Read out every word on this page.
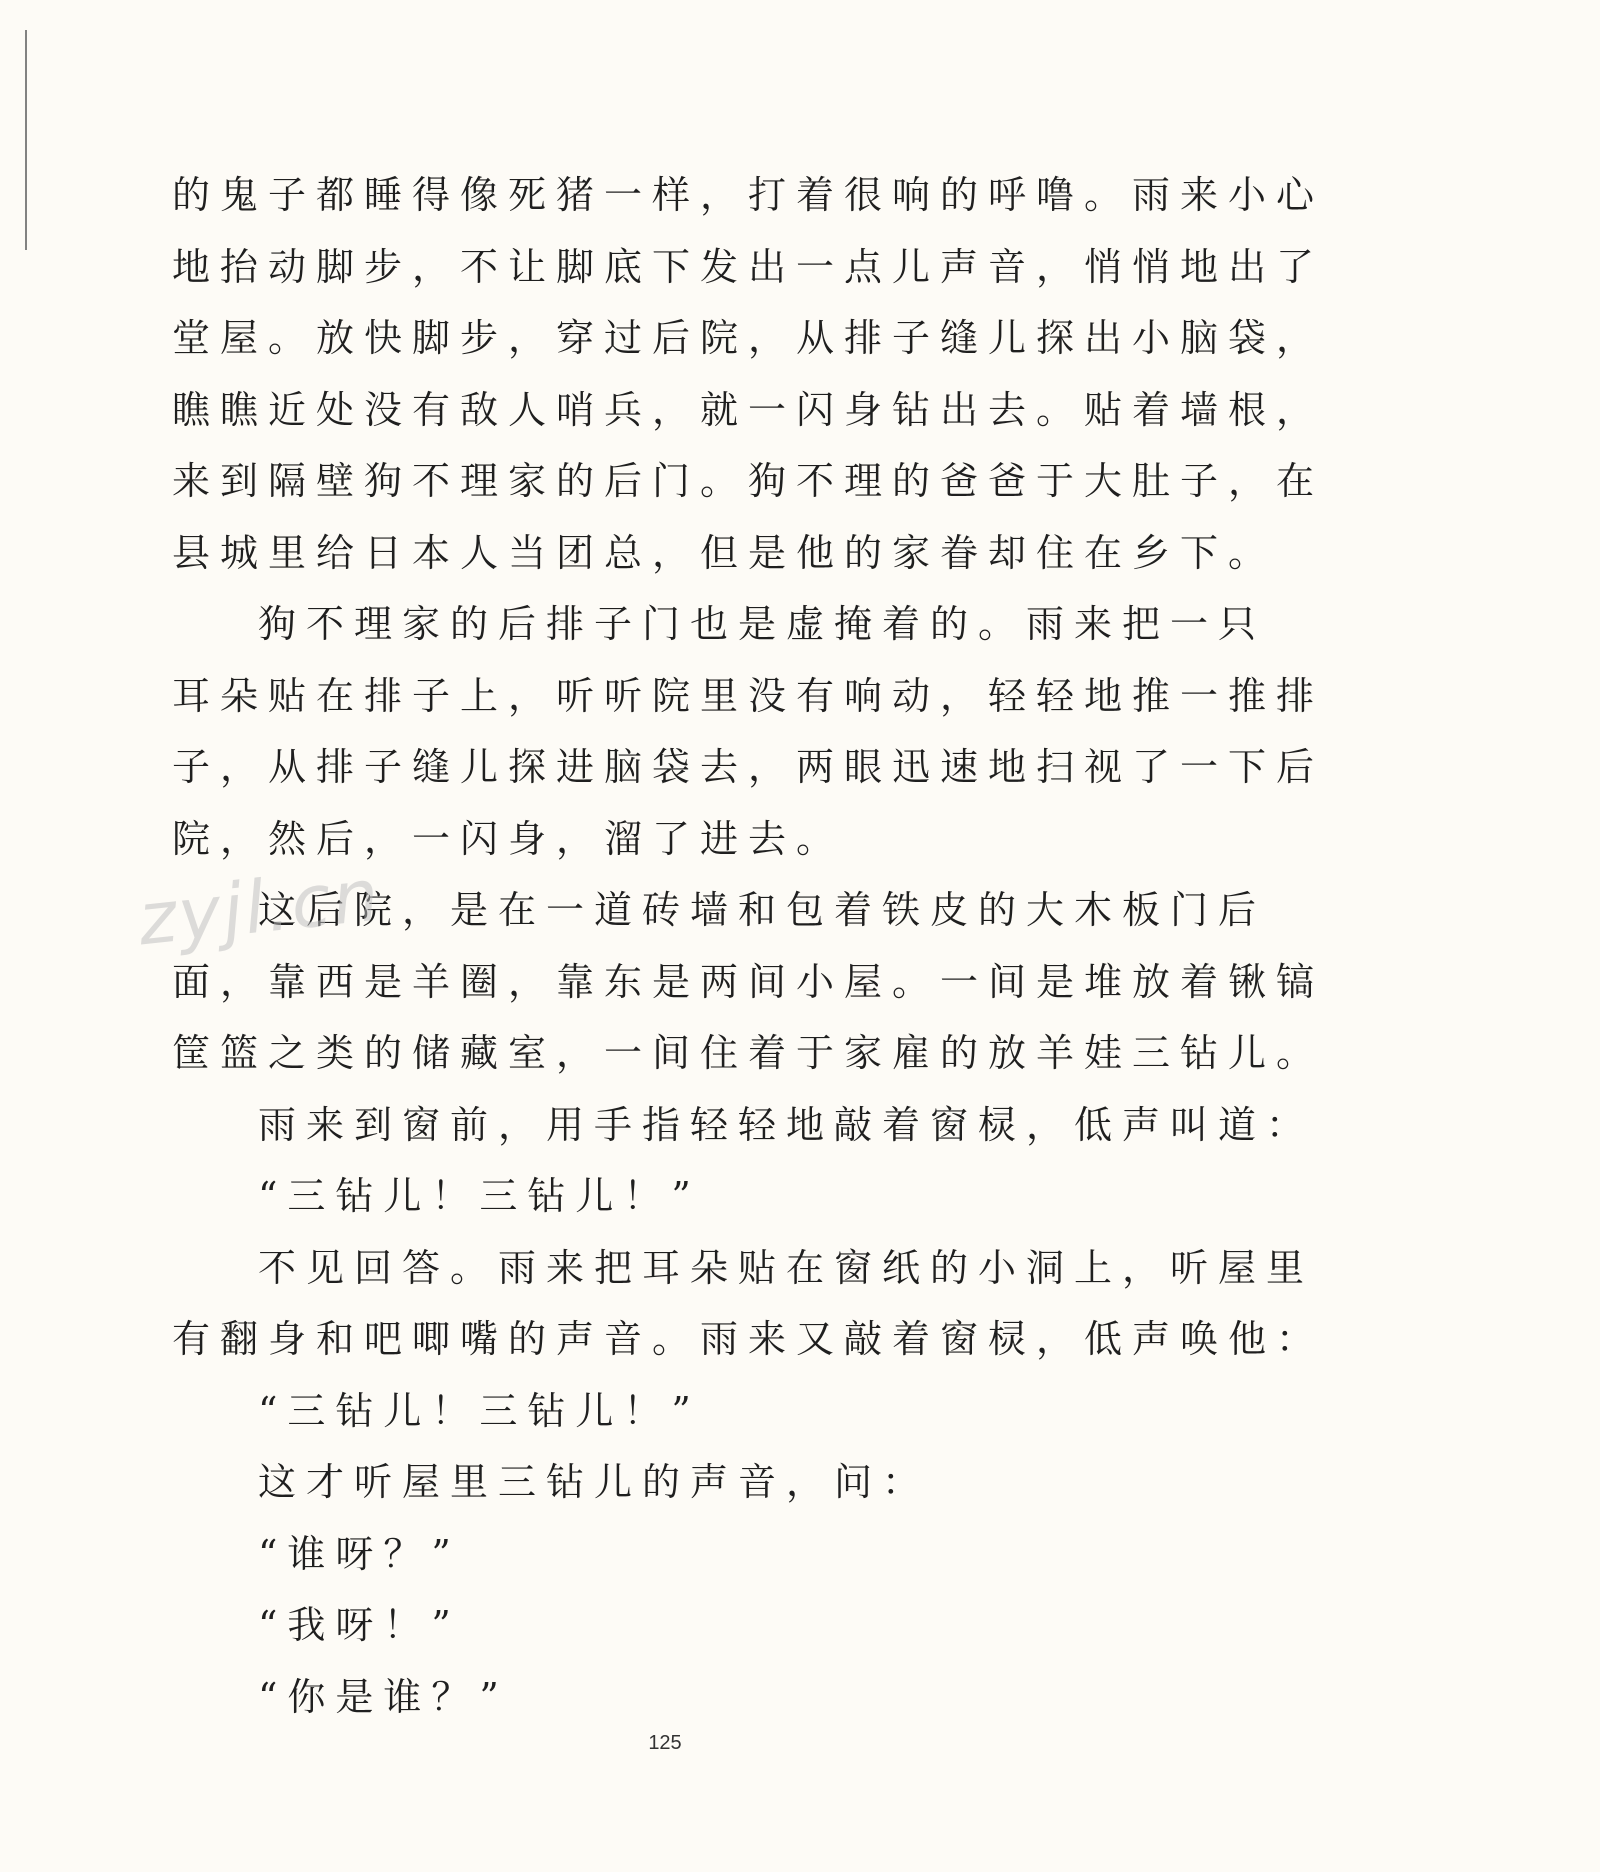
的鬼子都睡得像死猪一样，打着很响的呼噜。雨来小心
地抬动脚步，不让脚底下发出一点儿声音，悄悄地出了
堂屋。放快脚步，穿过后院，从排子缝儿探出小脑袋，
瞧瞧近处没有敌人哨兵，就一闪身钻出去。贴着墙根，
来到隔壁狗不理家的后门。狗不理的爸爸于大肚子，在
县城里给日本人当团总，但是他的家眷却住在乡下。
狗不理家的后排子门也是虚掩着的。雨来把一只
耳朵贴在排子上，听听院里没有响动，轻轻地推一推排
子，从排子缝儿探进脑袋去，两眼迅速地扫视了一下后
院，然后，一闪身，溜了进去。
这后院，是在一道砖墙和包着铁皮的大木板门后
面，靠西是羊圈，靠东是两间小屋。一间是堆放着锹镐
筐篮之类的储藏室，一间住着于家雇的放羊娃三钻儿。
雨来到窗前，用手指轻轻地敲着窗棂，低声叫道：
“三钻儿！三钻儿！”
不见回答。雨来把耳朵贴在窗纸的小洞上，听屋里
有翻身和吧唧嘴的声音。雨来又敲着窗棂，低声唤他：
“三钻儿！三钻儿！”
这才听屋里三钻儿的声音，问：
“谁呀？”
“我呀！”
“你是谁？”
zyjl.cn
125
